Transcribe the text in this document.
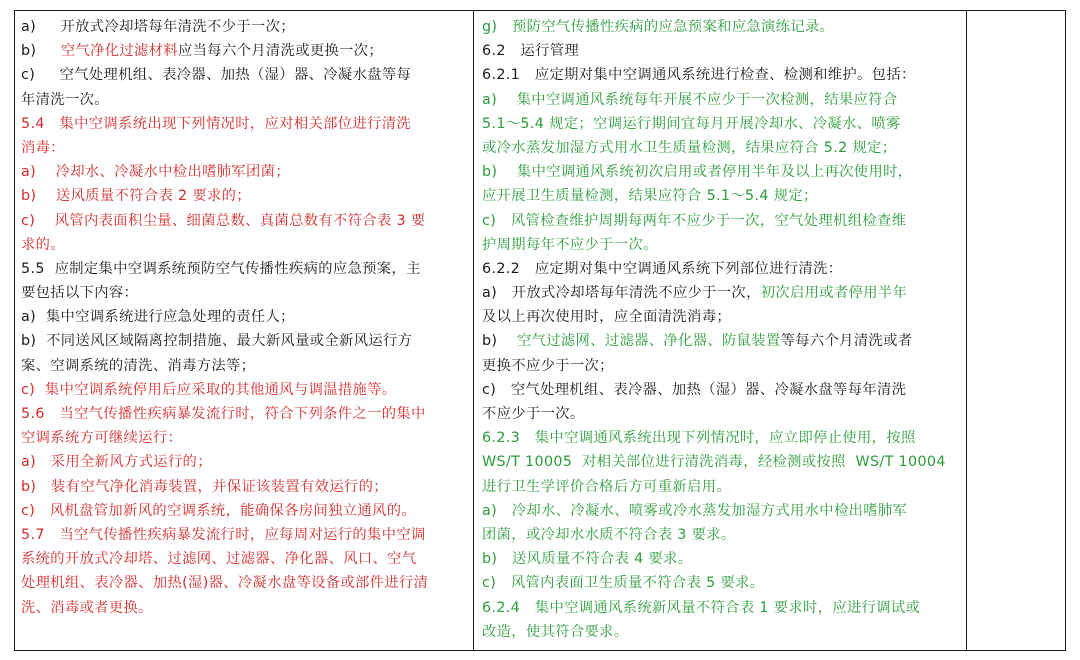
a)     开放式冷却塔每年清洗不少于一次；
b)     空气净化过滤材料应当每六个月清洗或更换一次；
c)     空气处理机组、表冷器、加热（湿）器、冷凝水盘等每
年清洗一次。
5.4   集中空调系统出现下列情况时，应对相关部位进行清洗
消毒：
a)    冷却水、冷凝水中检出嗜肺军团菌；
b)    送风质量不符合表 2 要求的；
c)    风管内表面积尘量、细菌总数、真菌总数有不符合表 3 要
求的。
5.5  应制定集中空调系统预防空气传播性疾病的应急预案，主
要包括以下内容：
a)  集中空调系统进行应急处理的责任人；
b)  不同送风区域隔离控制措施、最大新风量或全新风运行方
案、空调系统的清洗、消毒方法等；
c)  集中空调系统停用后应采取的其他通风与调温措施等。
5.6   当空气传播性疾病暴发流行时，符合下列条件之一的集中
空调系统方可继续运行：
a)   采用全新风方式运行的；
b)   装有空气净化消毒装置，并保证该装置有效运行的；
c)   风机盘管加新风的空调系统，能确保各房间独立通风的。
5.7   当空气传播性疾病暴发流行时，应每周对运行的集中空调
系统的开放式冷却塔、过滤网、过滤器、净化器、风口、空气
处理机组、表冷器、加热(湿)器、冷凝水盘等设备或部件进行清
洗、消毒或者更换。
g)   预防空气传播性疾病的应急预案和应急演练记录。
6.2   运行管理
6.2.1   应定期对集中空调通风系统进行检查、检测和维护。包括：
a)    集中空调通风系统每年开展不应少于一次检测，结果应符合
5.1～5.4 规定；空调运行期间宜每月开展冷却水、冷凝水、喷雾
或冷水蒸发加湿方式用水卫生质量检测，结果应符合 5.2 规定；
b)    集中空调通风系统初次启用或者停用半年及以上再次使用时，
应开展卫生质量检测，结果应符合 5.1～5.4 规定；
c)   风管检查维护周期每两年不应少于一次，空气处理机组检查维
护周期每年不应少于一次。
6.2.2   应定期对集中空调通风系统下列部位进行清洗：
a)   开放式冷却塔每年清洗不应少于一次，初次启用或者停用半年
及以上再次使用时，应全面清洗消毒；
b)    空气过滤网、过滤器、净化器、防鼠装置等每六个月清洗或者
更换不应少于一次；
c)   空气处理机组、表冷器、加热（湿）器、冷凝水盘等每年清洗
不应少于一次。
6.2.3   集中空调通风系统出现下列情况时，应立即停止使用，按照
WS/T 10005  对相关部位进行清洗消毒，经检测或按照  WS/T 10004
进行卫生学评价合格后方可重新启用。
a)   冷却水、冷凝水、喷雾或冷水蒸发加湿方式用水中检出嗜肺军
团菌，或冷却水水质不符合表 3 要求。
b)   送风质量不符合表 4 要求。
c)   风管内表面卫生质量不符合表 5 要求。
6.2.4   集中空调通风系统新风量不符合表 1 要求时，应进行调试或
改造，使其符合要求。
